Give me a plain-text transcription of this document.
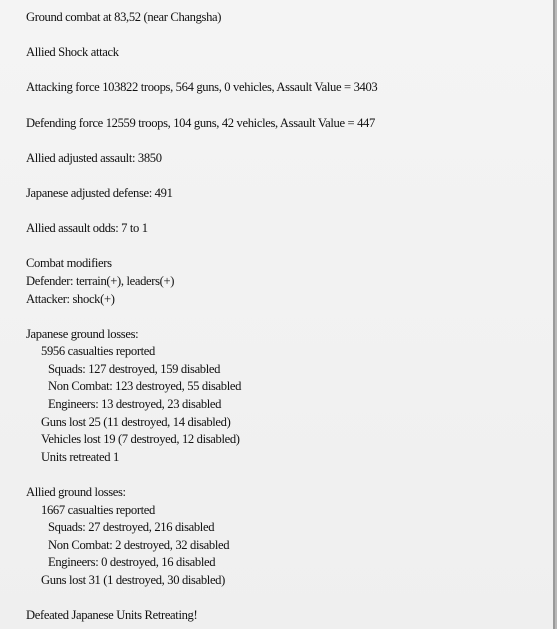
Ground combat at 83,52 (near Changsha)
Allied Shock attack
Attacking force 103822 troops, 564 guns, 0 vehicles, Assault Value = 3403
Defending force 12559 troops, 104 guns, 42 vehicles, Assault Value = 447
Allied adjusted assault: 3850
Japanese adjusted defense: 491
Allied assault odds: 7 to 1
Combat modifiers
Defender: terrain(+), leaders(+)
Attacker: shock(+)
Japanese ground losses:
5956 casualties reported
Squads: 127 destroyed, 159 disabled
Non Combat: 123 destroyed, 55 disabled
Engineers: 13 destroyed, 23 disabled
Guns lost 25 (11 destroyed, 14 disabled)
Vehicles lost 19 (7 destroyed, 12 disabled)
Units retreated 1
Allied ground losses:
1667 casualties reported
Squads: 27 destroyed, 216 disabled
Non Combat: 2 destroyed, 32 disabled
Engineers: 0 destroyed, 16 disabled
Guns lost 31 (1 destroyed, 30 disabled)
Defeated Japanese Units Retreating!
